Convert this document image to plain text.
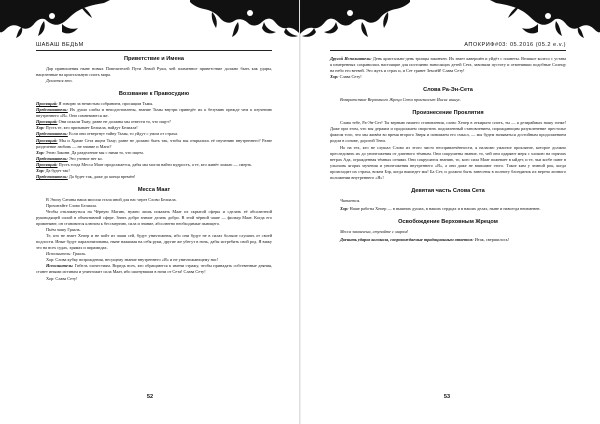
ШАБАШ ВЕДЬМ
Приветствие и Имена

Дар приношения ныне новых Повелителей Пути Левой Руки, чей пламенное приветствие должно быть как удары, нацеленные на кристальную плоть мира.

Делается это.

Воззвание к Правосудию

Просящий: Я говорю за нечистым собранием, просящим Тьмы.

Представитель: Их души слабы и неподготовлены, знание Тьмы внутри приведёт их к безумию прежде чем к изучению внутреннего «Я». Они сомневаются же.

Просящий: Они искали Тьму; разве не должны мы отвести то, что ищут?

Хор: Пусть те, кто призывает Белиала, найдут Белиала!

Представитель: Если они отвергнут тайну Тьмы, то уйдут с умом от страха.

Просящий: Мы и Храме Сета ищем Тьму; разве не должно быть так, чтобы мы открылись её изучению внутреннего? Разве разделение любовь — не знание и Маги?

Хор: Этою Законн. Да разделение мы с ними то, что ищем.

Представитель: Это учение нет ко.

Просящий: Пусть тогда Месса Маат продолжается, дабы мы могли найти мудрость, а те, кто живёт ложью — смерть.

Хор: Да будет так!

Представитель: Да будет так, даже до конца времён!

Месса Маат

В Эпоху Сатаны наша миссия стала иной для нас через Слово Белиала.

Прочитайте Слово Белиала.

Чтобы откликнуться на Чёрную Магию, нужно лишь показать Маат из скрытой сферы и сделать её абсолютной руководящей силой в объективной сфере. Знать добро значит делать добро. В этой чёрной чаше — фильтр Маат. Когда его применяют, он становится ключом к бессмертию, сила и знание, абсолютно необходимые пыющего.

Пьём чашу Грааль.

Те, кто не знает Хепер и не пойт из чаши сей, будут уничтожены, ибо они будут не в силах больше слушать от своей подлости. Иные будут параличизованы, ныне нажимая на себя руки, другие же убегут в ночь, дабы истребить свой род. Я вижу это на всех судах, хрямах и пирамидах.

Исполнитель: Грааль.

Хор: Слова кубку возрождения, несущему знание внутреннего «Я» и не уничтожающему нас!

Исполнитель: Гибель злочестиям. Впредь всех, кто обращаются к имени стражу, чтобы принадать собственные деяния, станет иными истинам и уничтожит сила Маат, ибо шагнувшим в ночи от Сета! Слава Сету!

Хор: Слава Сету!

52
АПОКРИФ#03: 05.2016 (05.2 e.v.)

Другой Исполнитель: День кристально-день троицы закончен. Их знает кавершён и уйдёт с планеты. Великое колесо с устава я измеренных сохранилась настоящие для постоянно наносящих детей Сета, завоняли пустоту и отменивши подобные Солнцу на небо его ветвей. Это жуть и страх и, и Сет грянет Землёй! Слава Сету!

Хор: Слава Сету!

Слова Ра-Эн-Сета

Возвратствие Верховного Жреца Сета произносит Иисис ашнус.

Произнесение Проклятия

Слава тебе, Ра-Эн-Сет! Ты верныю нашего становления, слово Хепер в откирыто плоть, ты — я дезираймых нашу гонке! Даже при этом, что мы держим и продолжаем своротить подомленный становлением, порождающим разумленение престолье фактом того, что мы живём во время второго Зверя и понимаем его смысл, — мы будем называться достойным продолжением родом в основе, дорогой Тени.

Но на тех, кто не слушал Слово из этого чисто неспривлечённости, я налагаю ужасное проклятие, которое должно преследовать их до уничтожения от длинного тёмным. Они сокрушены знание, то, чей они одаряют меря с хлокою на горячих ветрах Ада, огражденная тёмных огнями. Они сокрушатся знанию, то, кого сила Маат пожевает в ыйдет, и те, чьи когбе пают в ульоховь ягорях мучения и уничтожения внутреннего «Я», а они даже не впишают этого. Такое ким у земной рок, когда происходит их страха, вокем Бэр, когда вышедет мы! Ба Сет, и должно быть занесены в полноту блондинок их вереча личного положении внутреннего «Я»!

Девятая часть Слова Сета

Читается.

Хор: Наше работы Хепер — в вышних душах, в наших сердцах и в наших делах, ныне и навсегда неизменен.

Освобождение Верховным Жрецом

Месса законченa, ступайте с миром!

Двенить ударов колокола, сопровождаемые традиционным ответом: Итак, свершилось!

53
